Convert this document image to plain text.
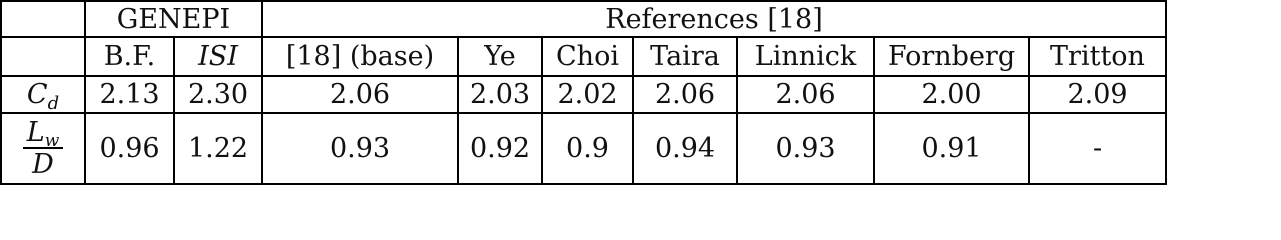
	GENEPI		References [18]						
	B.F.	ISI	[18] (base)	Ye	Choi	Taira	Linnick	Fornberg	Tritton
$C_d$	2.13	2.30	2.06	2.03	2.02	2.06	2.06	2.00	2.09

$\frac{Lw}{D}$	0.96	1.22	0.93	0.92	0.9	0.94	0.93	0.91	-
